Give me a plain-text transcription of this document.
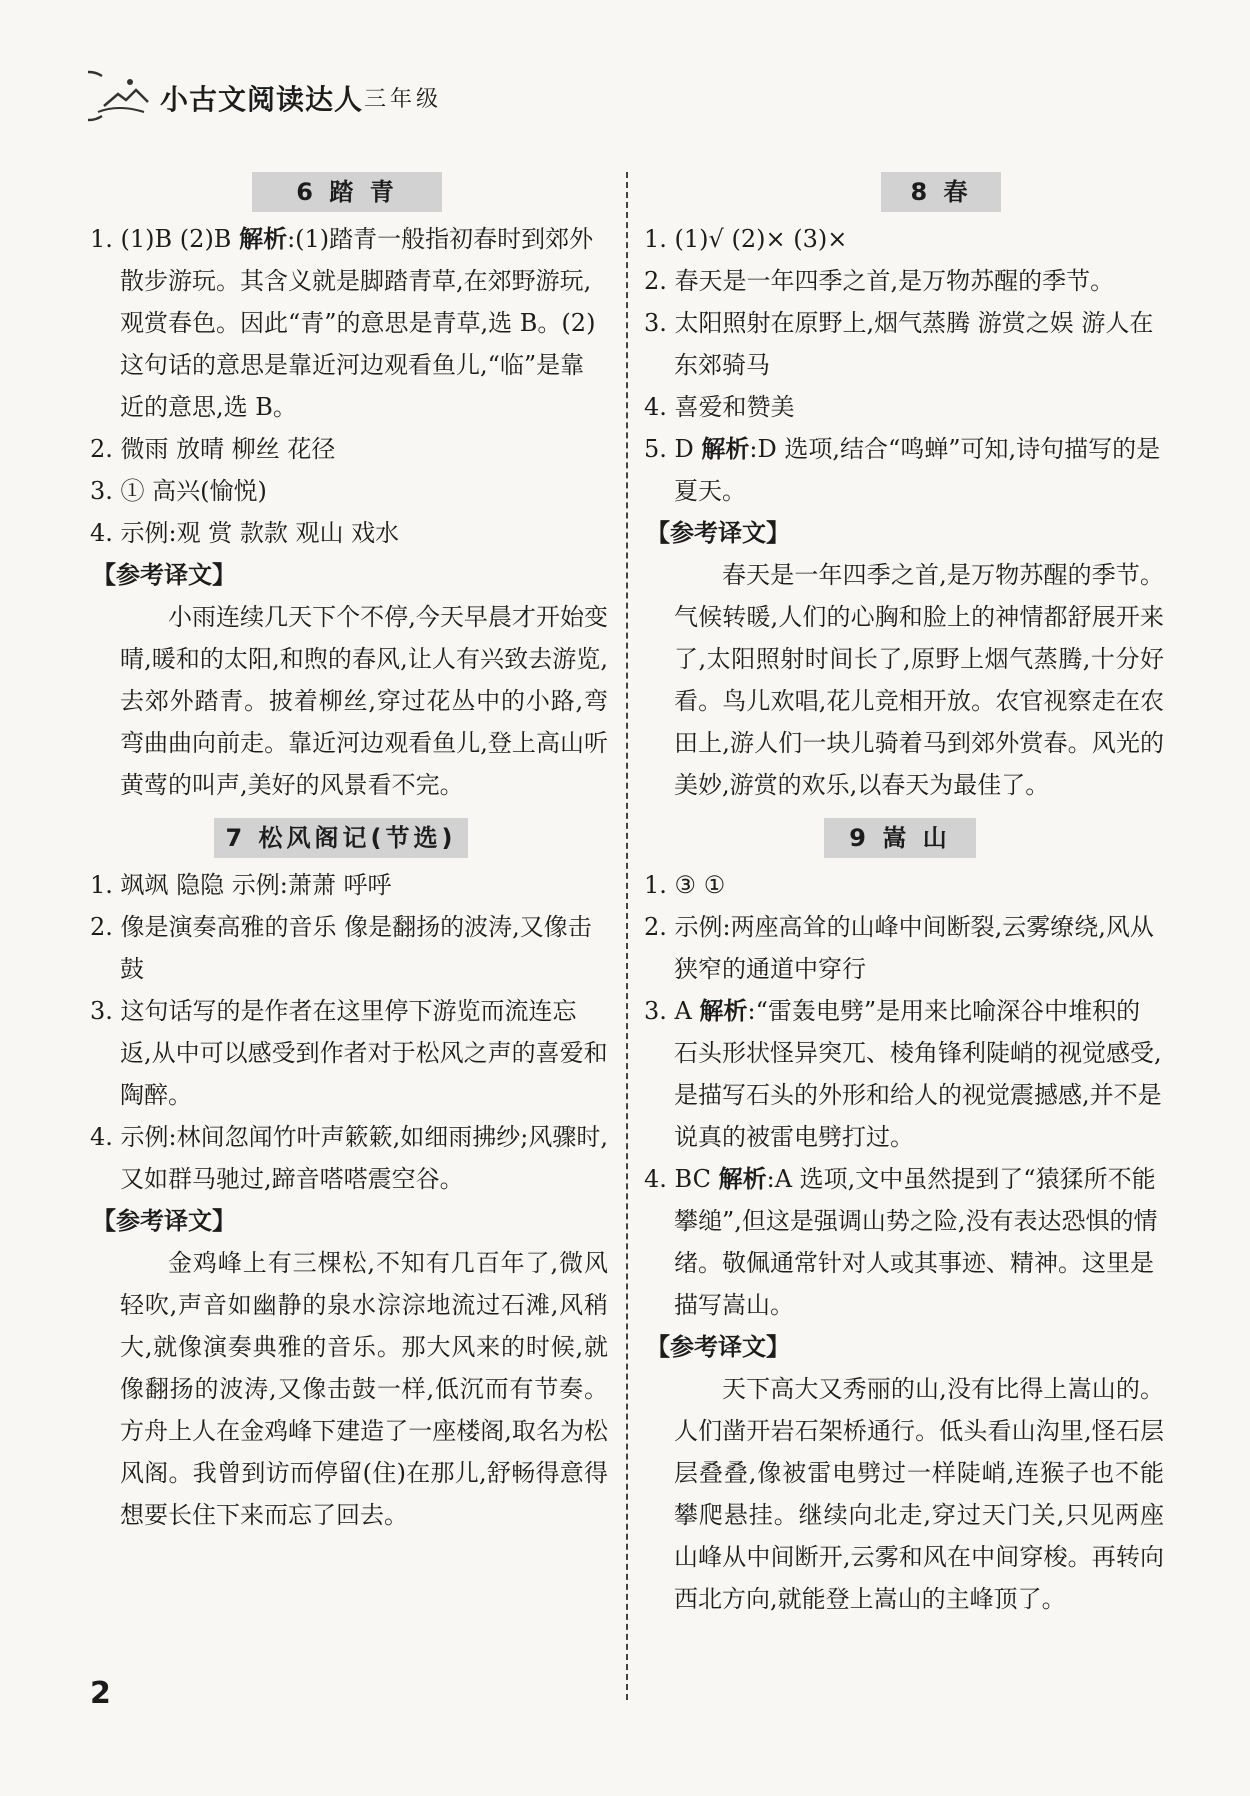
小古文阅读达人 三年级
6 踏 青

1. (1)B (2)B 解析:(1)踏青一般指初春时到郊外散步游玩。其含义就是脚踏青草,在郊野游玩,观赏春色。因此“青”的意思是青草,选 B。(2)这句话的意思是靠近河边观看鱼儿,“临”是靠近的意思,选 B。

2. 微雨 放晴 柳丝 花径

3. ① 高兴(愉悦)

4. 示例:观 赏 款款 观山 戏水

【参考译文】

小雨连续几天下个不停,今天早晨才开始变晴,暖和的太阳,和煦的春风,让人有兴致去游览,去郊外踏青。披着柳丝,穿过花丛中的小路,弯弯曲曲向前走。靠近河边观看鱼儿,登上高山听黄莺的叫声,美好的风景看不完。

7 松风阁记(节选)

1. 飒飒 隐隐 示例:萧萧 呼呼

2. 像是演奏高雅的音乐 像是翻扬的波涛,又像击鼓

3. 这句话写的是作者在这里停下游览而流连忘返,从中可以感受到作者对于松风之声的喜爱和陶醉。

4. 示例:林间忽闻竹叶声簌簌,如细雨拂纱;风骤时,又如群马驰过,蹄音嗒嗒震空谷。

【参考译文】

金鸡峰上有三棵松,不知有几百年了,微风轻吹,声音如幽静的泉水淙淙地流过石滩,风稍大,就像演奏典雅的音乐。那大风来的时候,就像翻扬的波涛,又像击鼓一样,低沉而有节奏。方舟上人在金鸡峰下建造了一座楼阁,取名为松风阁。我曾到访而停留(住)在那儿,舒畅得意得想要长住下来而忘了回去。

8 春

1. (1)√ (2)× (3)×

2. 春天是一年四季之首,是万物苏醒的季节。

3. 太阳照射在原野上,烟气蒸腾 游赏之娱 游人在东郊骑马

4. 喜爱和赞美

5. D 解析:D 选项,结合“鸣蝉”可知,诗句描写的是夏天。

【参考译文】

春天是一年四季之首,是万物苏醒的季节。气候转暖,人们的心胸和脸上的神情都舒展开来了,太阳照射时间长了,原野上烟气蒸腾,十分好看。鸟儿欢唱,花儿竞相开放。农官视察走在农田上,游人们一块儿骑着马到郊外赏春。风光的美妙,游赏的欢乐,以春天为最佳了。

9 嵩 山

1. ③ ①

2. 示例:两座高耸的山峰中间断裂,云雾缭绕,风从狭窄的通道中穿行

3. A 解析:“雷轰电劈”是用来比喻深谷中堆积的石头形状怪异突兀、棱角锋利陡峭的视觉感受,是描写石头的外形和给人的视觉震撼感,并不是说真的被雷电劈打过。

4. BC 解析:A 选项,文中虽然提到了“猿猱所不能攀缒”,但这是强调山势之险,没有表达恐惧的情绪。敬佩通常针对人或其事迹、精神。这里是描写嵩山。

【参考译文】

天下高大又秀丽的山,没有比得上嵩山的。人们凿开岩石架桥通行。低头看山沟里,怪石层层叠叠,像被雷电劈过一样陡峭,连猴子也不能攀爬悬挂。继续向北走,穿过天门关,只见两座山峰从中间断开,云雾和风在中间穿梭。再转向西北方向,就能登上嵩山的主峰顶了。

2
